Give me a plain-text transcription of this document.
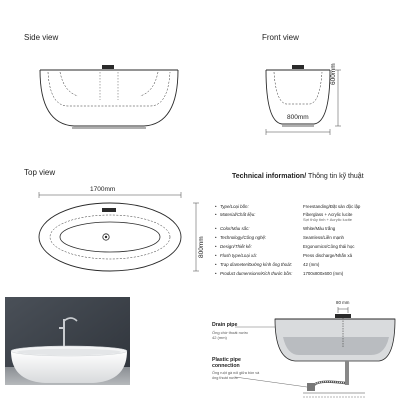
Side view	Front view
600mm
800mm
Top view
1700mm
800mm
Technical information/ Thông tin kỹ thuật
• Type/Loại bồn:	Freestanding/Đặt sàn độc lập
• Material/Chất liệu:	Fiberglass + Acrylic lucite
Sợi thủy tinh + Acrylic lucite
• Color/Màu sắc:	White/Màu trắng
• Technology/Công nghệ:	Seamless/Liền mạnh
• Design/Thiết kế:	Ergonomics/Công thái học
• Flush type/Loại xả:	Press discharge/Nhấn xả
• Trap diameter/Đường kính ống thoát:	42 (mm)
• Product dumensions/Kích thước bồn: 1700x800x600 (mm)
80 mm
Drain pipe
Ống chờ thoát nước
42 (mm)
Plastic pipe connection
Ống ruột gà nối giữa bồn và ống thoát nước
